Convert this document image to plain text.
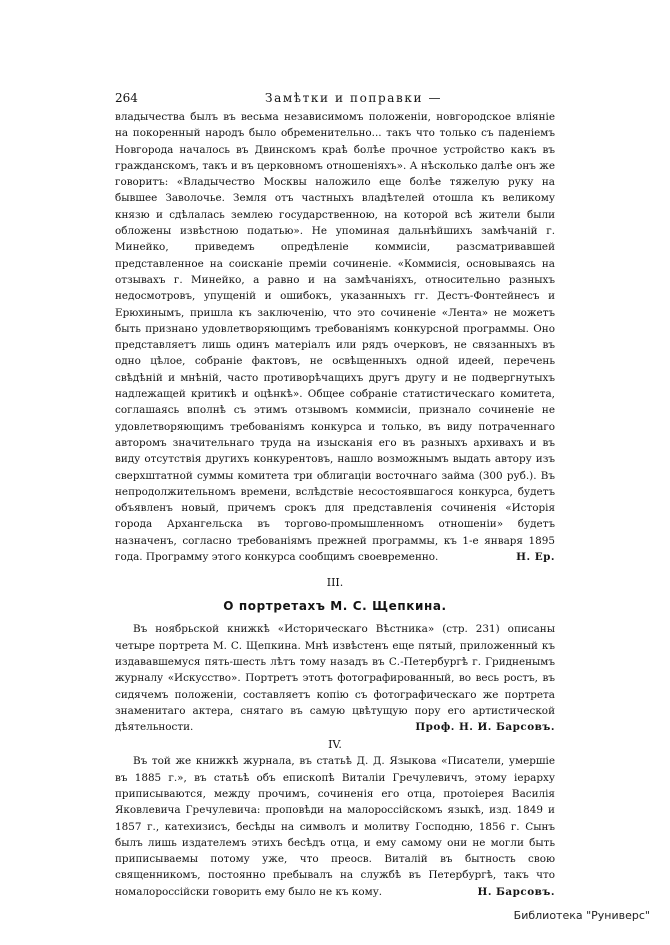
264	Замѣтки и поправки —

владычества былъ въ весьма независимомъ положеніи, новгородское вліяніе на покоренный народъ было обременительно... такъ что только съ паденіемъ Новгорода началось въ Двинскомъ краѣ болѣе прочное устройство какъ въ гражданскомъ, такъ и въ церковномъ отношеніяхъ». А нѣсколько далѣе онъ же говоритъ: «Владычество Москвы наложило еще болѣе тяжелую руку на бывшее Заволочье. Земля отъ частныхъ владѣтелей отошла къ великому князю и сдѣлалась землею государственною, на которой всѣ жители были обложены извѣстною податью». Не упоминая дальнѣйшихъ замѣчаній г. Минейко, приведемъ опредѣленіе коммисіи, разсматривавшей представленное на соисканіе преміи сочиненіе. «Коммисія, основываясь на отзывахъ г. Минейко, а равно и на замѣчаніяхъ, относительно разныхъ недосмотровъ, упущеній и ошибокъ, указанныхъ гг. Дестъ-Фонтейнесъ и Ерюхинымъ, пришла къ заключенію, что это сочиненіе «Лента» не можетъ быть признано удовлетворяющимъ требованіямъ конкурсной программы. Оно представляетъ лишь одинъ матеріалъ или рядъ очерковъ, не связанныхъ въ одно цѣлое, собраніе фактовъ, не освѣщенныхъ одной идеей, перечень свѣдѣній и мнѣній, часто противорѣчащихъ другъ другу и не подвергнутыхъ надлежащей критикѣ и оцѣнкѣ». Общее собраніе статистическаго комитета, соглашаясь вполнѣ съ этимъ отзывомъ коммисіи, признало сочиненіе не удовлетворяющимъ требованіямъ конкурса и только, въ виду потраченнаго авторомъ значительнаго труда на изысканія его въ разныхъ архивахъ и въ виду отсутствія другихъ конкурентовъ, нашло возможнымъ выдать автору изъ сверхштатной суммы комитета три облигаціи восточнаго займа (300 руб.). Въ непродолжительномъ времени, вслѣдствіе несостоявшагося конкурса, будетъ объявленъ новый, причемъ срокъ для представленія сочиненія «Исторія города Архангельска въ торгово-промышленномъ отношеніи» будетъ назначенъ, согласно требованіямъ прежней программы, къ 1-е января 1895 года. Программу этого конкурса сообщимъ своевременно.	Н. Ер.

III.
О портретахъ М. С. Щепкина.

Въ ноябрьской книжкѣ «Историческаго Вѣстника» (стр. 231) описаны четыре портрета М. С. Щепкина. Мнѣ извѣстенъ еще пятый, приложенный къ издававшемуся пять-шесть лѣтъ тому назадъ въ С.-Петербургѣ г. Гридненымъ журналу «Искусство». Портретъ этотъ фотографированный, во весь ростъ, въ сидячемъ положеніи, составляетъ копію съ фотографическаго же портрета знаменитаго актера, снятаго въ самую цвѣтущую пору его артистической дѣятельности.	Проф. Н. И. Барсовъ.

IV.

Въ той же книжкѣ журнала, въ статьѣ Д. Д. Языкова «Писатели, умершіе въ 1885 г.», въ статьѣ объ епископѣ Виталіи Гречулевичъ, этому іерарху приписываются, между прочимъ, сочиненія его отца, протоіерея Василія Яковлевича Гречулевича: проповѣди на малороссійскомъ языкѣ, изд. 1849 и 1857 г., катехизисъ, бесѣды на символъ и молитву Господню, 1856 г. Сынъ былъ лишь издателемъ этихъ бесѣдъ отца, и ему самому они не могли быть приписываемы потому уже, что преосв. Виталій въ бытность свою священникомъ, постоянно пребывалъ на службѣ въ Петербургѣ, такъ что номалороссійски говорить ему было не къ кому.	Н. Барсовъ.

Библиотека "Руниверс"
